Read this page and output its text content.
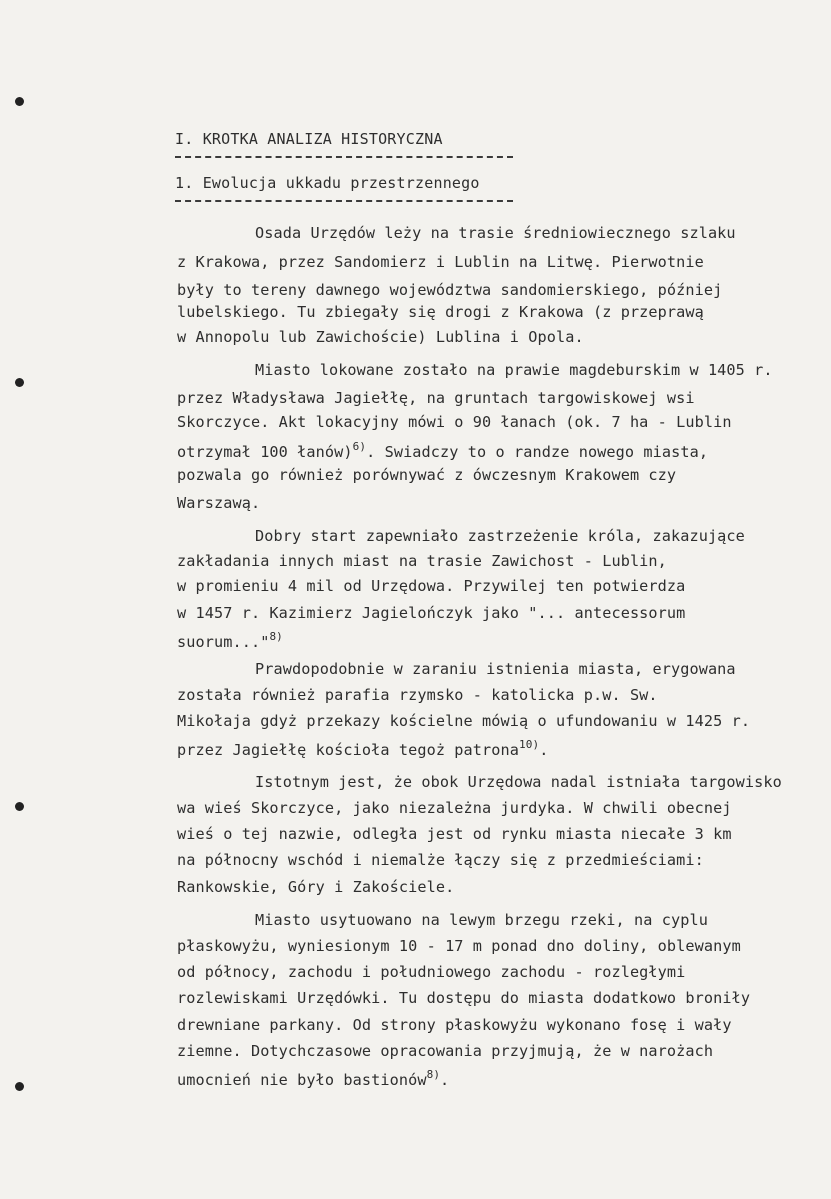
I. KROTKA ANALIZA HISTORYCZNA
1. Ewolucja ukkadu przestrzennego
Osada Urzędów leży na trasie średniowiecznego szlaku
z Krakowa, przez Sandomierz i Lublin na Litwę. Pierwotnie
były to tereny dawnego województwa sandomierskiego, później
lubelskiego. Tu zbiegały się drogi z Krakowa (z przeprawą
w Annopolu lub Zawichoście) Lublina i Opola.
Miasto lokowane zostało na prawie magdeburskim w 1405 r.
przez Władysława Jagiełłę, na gruntach targowiskowej wsi
Skorczyce. Akt lokacyjny mówi o 90 łanach (ok. 7 ha - Lublin
otrzymał 100 łanów)$^{6)}$. Swiadczy to o randze nowego miasta,
pozwala go również porównywać z ówczesnym Krakowem czy
Warszawą.
Dobry start zapewniało zastrzeżenie króla, zakazujące
zakładania innych miast na trasie Zawichost - Lublin,
w promieniu 4 mil od Urzędowa. Przywilej ten potwierdza
w 1457 r. Kazimierz Jagielończyk jako "... antecessorum
suorum..."$^{8)}$
Prawdopodobnie w zaraniu istnienia miasta, erygowana
została również parafia rzymsko - katolicka p.w. Sw.
Mikołaja gdyż przekazy kościelne mówią o ufundowaniu w 1425 r.
przez Jagiełłę kościoła tegoż patrona$^{10)}$.
Istotnym jest, że obok Urzędowa nadal istniała targowisko
wa wieś Skorczyce, jako niezależna jurdyka. W chwili obecnej
wieś o tej nazwie, odległa jest od rynku miasta niecałe 3 km
na północny wschód i niemalże łączy się z przedmieściami:
Rankowskie, Góry i Zakościele.
Miasto usytuowano na lewym brzegu rzeki, na cyplu
płaskowyżu, wyniesionym 10 - 17 m ponad dno doliny, oblewanym
od północy, zachodu i południowego zachodu - rozległymi
rozlewiskami Urzędówki. Tu dostępu do miasta dodatkowo broniły
drewniane parkany. Od strony płaskowyżu wykonano fosę i wały
ziemne. Dotychczasowe opracowania przyjmują, że w narożach
umocnień nie było bastionów$^{8)}$.
